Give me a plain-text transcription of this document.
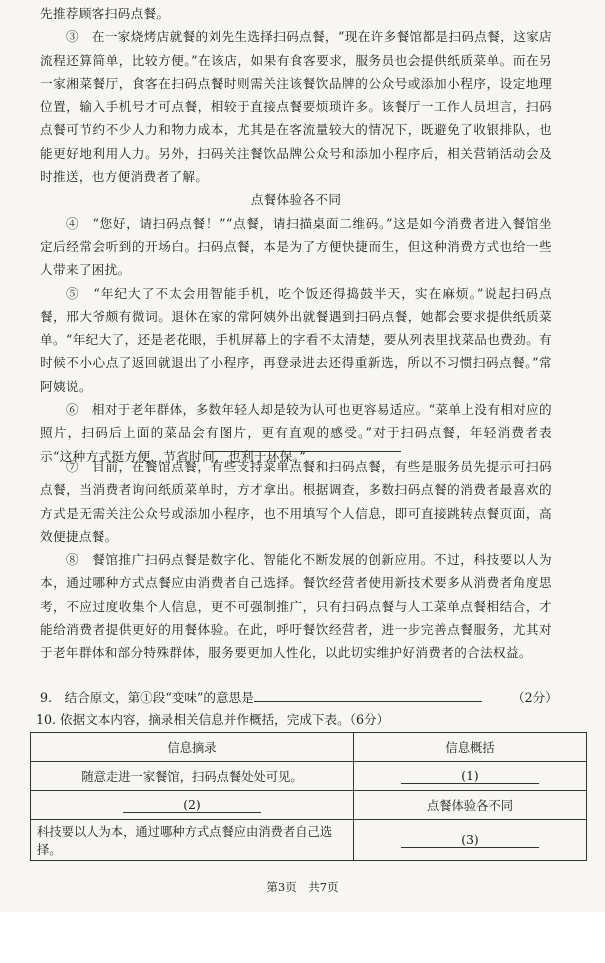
先推荐顾客扫码点餐。

③　在一家烧烤店就餐的刘先生选择扫码点餐，“现在许多餐馆都是扫码点餐，这家店流程还算简单，比较方便。”在该店，如果有食客要求，服务员也会提供纸质菜单。而在另一家湘菜餐厅，食客在扫码点餐时则需关注该餐饮品牌的公众号或添加小程序，设定地理位置，输入手机号才可点餐，相较于直接点餐要烦琐许多。该餐厅一工作人员坦言，扫码点餐可节约不少人力和物力成本，尤其是在客流量较大的情况下，既避免了收银排队，也能更好地利用人力。另外，扫码关注餐饮品牌公众号和添加小程序后，相关营销活动会及时推送，也方便消费者了解。

点餐体验各不同

④　“您好，请扫码点餐！”“点餐，请扫描桌面二维码。”这是如今消费者进入餐馆坐定后经常会听到的开场白。扫码点餐，本是为了方便快捷而生，但这种消费方式也给一些人带来了困扰。

⑤　“年纪大了不太会用智能手机，吃个饭还得捣鼓半天，实在麻烦。”说起扫码点餐，邢大爷颇有微词。退休在家的常阿姨外出就餐遇到扫码点餐，她都会要求提供纸质菜单。“年纪大了，还是老花眼，手机屏幕上的字看不太清楚，要从列表里找菜品也费劲。有时候不小心点了返回就退出了小程序，再登录进去还得重新选，所以不习惯扫码点餐。”常阿姨说。

⑥　相对于老年群体，多数年轻人却是较为认可也更容易适应。“菜单上没有相对应的照片，扫码后上面的菜品会有图片，更有直观的感受。”对于扫码点餐，年轻消费者表示“这种方式挺方便，节省时间，也利于环保。”

⑦　目前，在餐馆点餐，有些支持菜单点餐和扫码点餐，有些是服务员先提示可扫码点餐，当消费者询问纸质菜单时，方才拿出。根据调查，多数扫码点餐的消费者最喜欢的方式是无需关注公众号或添加小程序，也不用填写个人信息，即可直接跳转点餐页面，高效便捷点餐。

⑧　餐馆推广扫码点餐是数字化、智能化不断发展的创新应用。不过，科技要以人为本，通过哪种方式点餐应由消费者自己选择。餐饮经营者使用新技术要多从消费者角度思考，不应过度收集个人信息，更不可强制推广，只有扫码点餐与人工菜单点餐相结合，才能给消费者提供更好的用餐体验。在此，呼吁餐饮经营者，进一步完善点餐服务，尤其对于老年群体和部分特殊群体，服务要更加人性化，以此切实维护好消费者的合法权益。

9.　结合原文，第①段“变味”的意思是	（2分）
10. 依据文本内容，摘录相关信息并作概括，完成下表。（6分）
信息摘录	信息概括
随意走进一家餐馆，扫码点餐处处可见。	(1)
(2)	点餐体验各不同
科技要以人为本，通过哪种方式点餐应由消费者自己选择。	(3)
第3页　共7页
